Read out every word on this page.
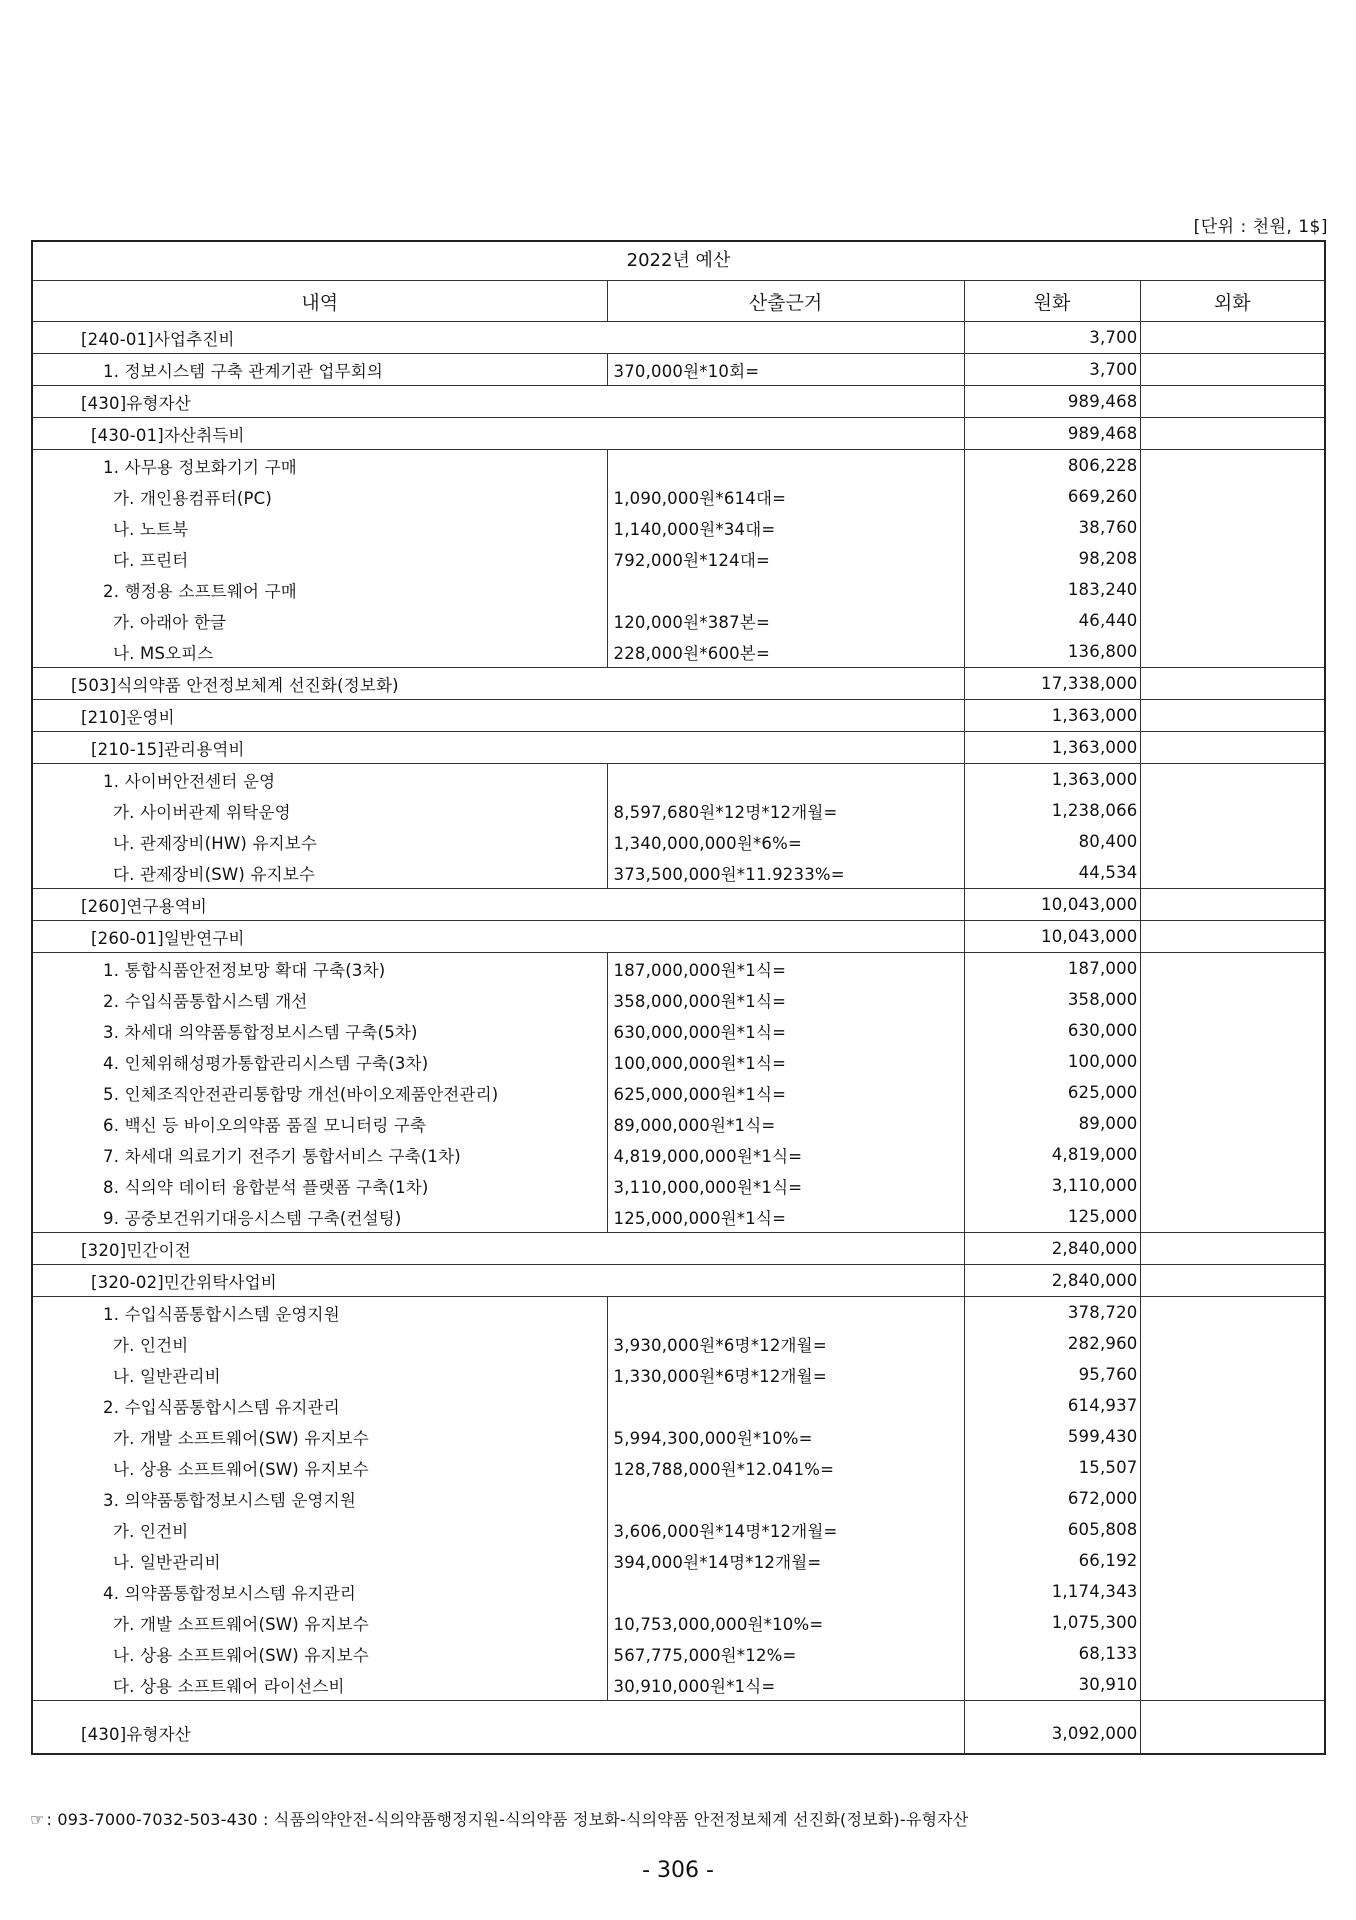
[단위 : 천원, 1$]
2022년 예산
내역	산출근거	원화	외화
[240-01]사업추진비		3,700	
1. 정보시스템 구축 관계기관 업무회의	370,000원*10회=	3,700	
[430]유형자산		989,468	
[430-01]자산취득비		989,468	
1. 사무용 정보화기기 구매		806,228	
가. 개인용컴퓨터(PC)	1,090,000원*614대=	669,260	
나. 노트북	1,140,000원*34대=	38,760	
다. 프린터	792,000원*124대=	98,208	
2. 행정용 소프트웨어 구매		183,240	
가. 아래아 한글	120,000원*387본=	46,440	
나. MS오피스	228,000원*600본=	136,800	
[503]식의약품 안전정보체계 선진화(정보화)		17,338,000	
[210]운영비		1,363,000	
[210-15]관리용역비		1,363,000	
1. 사이버안전센터 운영		1,363,000	
가. 사이버관제 위탁운영	8,597,680원*12명*12개월=	1,238,066	
나. 관제장비(HW) 유지보수	1,340,000,000원*6%=	80,400	
다. 관제장비(SW) 유지보수	373,500,000원*11.9233%=	44,534	
[260]연구용역비		10,043,000	
[260-01]일반연구비		10,043,000	
1. 통합식품안전정보망 확대 구축(3차)	187,000,000원*1식=	187,000	
2. 수입식품통합시스템 개선	358,000,000원*1식=	358,000	
3. 차세대 의약품통합정보시스템 구축(5차)	630,000,000원*1식=	630,000	
4. 인체위해성평가통합관리시스템 구축(3차)	100,000,000원*1식=	100,000	
5. 인체조직안전관리통합망 개선(바이오제품안전관리)	625,000,000원*1식=	625,000	
6. 백신 등 바이오의약품 품질 모니터링 구축	89,000,000원*1식=	89,000	
7. 차세대 의료기기 전주기 통합서비스 구축(1차)	4,819,000,000원*1식=	4,819,000	
8. 식의약 데이터 융합분석 플랫폼 구축(1차)	3,110,000,000원*1식=	3,110,000	
9. 공중보건위기대응시스템 구축(컨설팅)	125,000,000원*1식=	125,000	
[320]민간이전		2,840,000	
[320-02]민간위탁사업비		2,840,000	
1. 수입식품통합시스템 운영지원		378,720	
가. 인건비	3,930,000원*6명*12개월=	282,960	
나. 일반관리비	1,330,000원*6명*12개월=	95,760	
2. 수입식품통합시스템 유지관리		614,937	
가. 개발 소프트웨어(SW) 유지보수	5,994,300,000원*10%=	599,430	
나. 상용 소프트웨어(SW) 유지보수	128,788,000원*12.041%=	15,507	
3. 의약품통합정보시스템 운영지원		672,000	
가. 인건비	3,606,000원*14명*12개월=	605,808	
나. 일반관리비	394,000원*14명*12개월=	66,192	
4. 의약품통합정보시스템 유지관리		1,174,343	
가. 개발 소프트웨어(SW) 유지보수	10,753,000,000원*10%=	1,075,300	
나. 상용 소프트웨어(SW) 유지보수	567,775,000원*12%=	68,133	
다. 상용 소프트웨어 라이선스비	30,910,000원*1식=	30,910	

[430]유형자산		3,092,000	
☞ : 093-7000-7032-503-430 : 식품의약안전-식의약품행정지원-식의약품 정보화-식의약품 안전정보체계 선진화(정보화)-유형자산
- 306 -
